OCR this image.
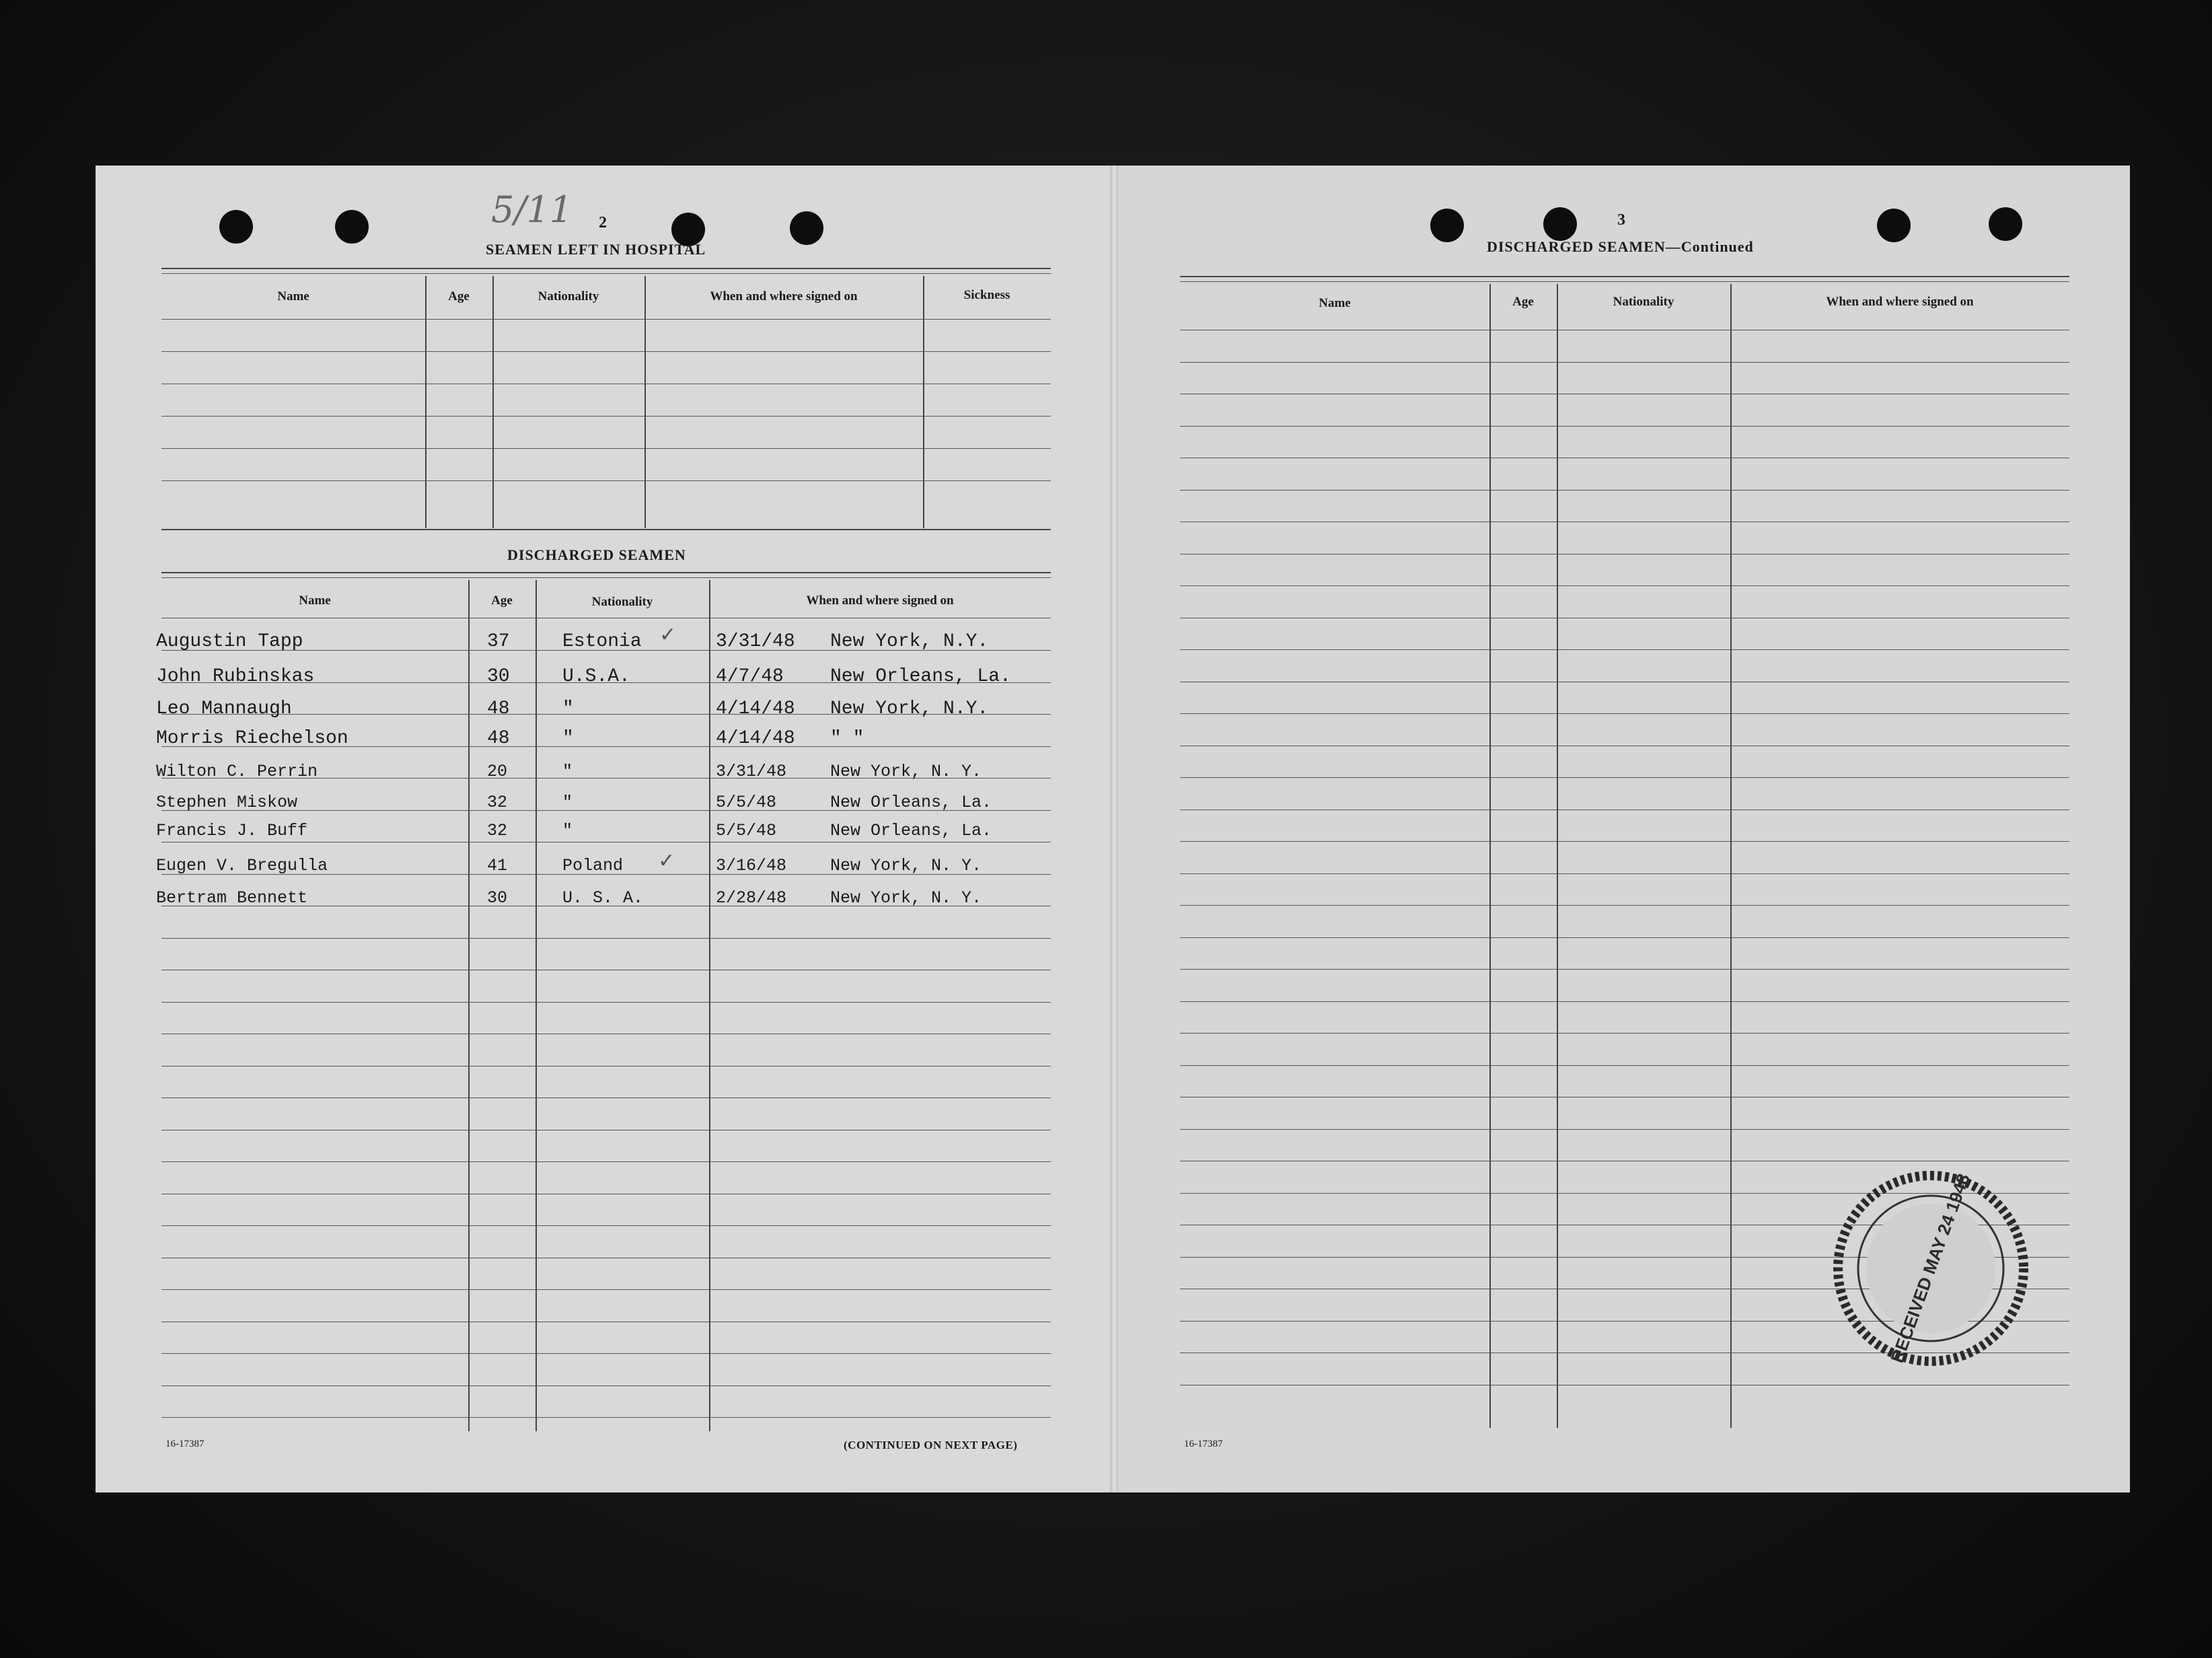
5/11 2
SEAMEN LEFT IN HOSPITAL
Name	Age	Nationality	When and where signed on	Sickness
DISCHARGED SEAMEN
Name	Age	Nationality	When and where signed on
Augustin Tapp	37	Estonia	3/31/48 New York, N.Y.
John Rubinskas	30	U.S.A.	4/7/48 New Orleans, La.
Leo Mannaugh	48	"	4/14/48 New York, N.Y.
Morris Riechelson	48	"	4/14/48 " "
Wilton C. Perrin	20	"	3/31/48	New York, N. Y.
Stephen Miskow	32	"	5/5/48	New Orleans, La.
Francis J. Buff	32	"	5/5/48	New Orleans, La.
Eugen V. Bregulla	41	Poland	3/16/48	New York, N. Y.
Bertram Bennett	30	U. S. A.	2/28/48	New York, N. Y.
✓
✓
16-17387	(CONTINUED ON NEXT PAGE)
3
DISCHARGED SEAMEN—Continued
Name	Age	Nationality	When and where signed on
16-17387
RECEIVED MAY 24 1948
